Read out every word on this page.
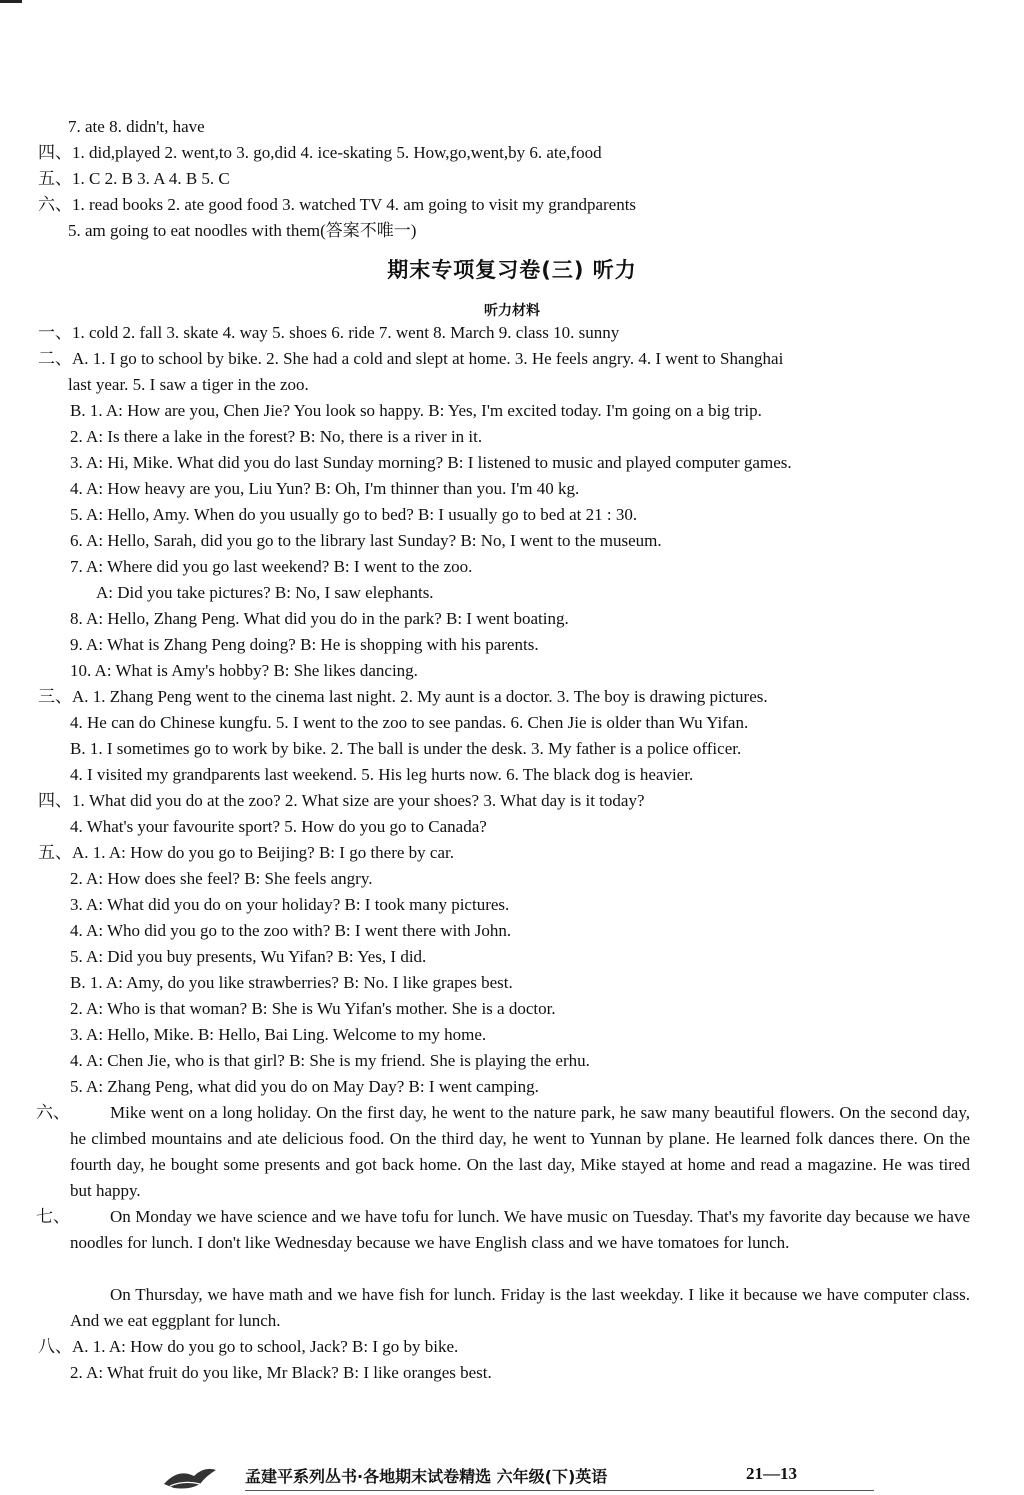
7. ate 8. didn't, have
四、1. did,played 2. went,to 3. go,did 4. ice-skating 5. How,go,went,by 6. ate,food
五、1. C 2. B 3. A 4. B 5. C
六、1. read books 2. ate good food 3. watched TV 4. am going to visit my grandparents
5. am going to eat noodles with them(答案不唯一)
期末专项复习卷(三) 听力
听力材料
一、1. cold 2. fall 3. skate 4. way 5. shoes 6. ride 7. went 8. March 9. class 10. sunny
二、A. 1. I go to school by bike. 2. She had a cold and slept at home. 3. He feels angry. 4. I went to Shanghai
last year. 5. I saw a tiger in the zoo.
B. 1. A: How are you, Chen Jie? You look so happy. B: Yes, I'm excited today. I'm going on a big trip.
2. A: Is there a lake in the forest? B: No, there is a river in it.
3. A: Hi, Mike. What did you do last Sunday morning? B: I listened to music and played computer games.
4. A: How heavy are you, Liu Yun? B: Oh, I'm thinner than you. I'm 40 kg.
5. A: Hello, Amy. When do you usually go to bed? B: I usually go to bed at 21 : 30.
6. A: Hello, Sarah, did you go to the library last Sunday? B: No, I went to the museum.
7. A: Where did you go last weekend? B: I went to the zoo.
A: Did you take pictures? B: No, I saw elephants.
8. A: Hello, Zhang Peng. What did you do in the park? B: I went boating.
9. A: What is Zhang Peng doing? B: He is shopping with his parents.
10. A: What is Amy's hobby? B: She likes dancing.
三、A. 1. Zhang Peng went to the cinema last night. 2. My aunt is a doctor. 3. The boy is drawing pictures.
4. He can do Chinese kungfu. 5. I went to the zoo to see pandas. 6. Chen Jie is older than Wu Yifan.
B. 1. I sometimes go to work by bike. 2. The ball is under the desk. 3. My father is a police officer.
4. I visited my grandparents last weekend. 5. His leg hurts now. 6. The black dog is heavier.
四、1. What did you do at the zoo? 2. What size are your shoes? 3. What day is it today?
4. What's your favourite sport? 5. How do you go to Canada?
五、A. 1. A: How do you go to Beijing? B: I go there by car.
2. A: How does she feel? B: She feels angry.
3. A: What did you do on your holiday? B: I took many pictures.
4. A: Who did you go to the zoo with? B: I went there with John.
5. A: Did you buy presents, Wu Yifan? B: Yes, I did.
B. 1. A: Amy, do you like strawberries? B: No. I like grapes best.
2. A: Who is that woman? B: She is Wu Yifan's mother. She is a doctor.
3. A: Hello, Mike. B: Hello, Bai Ling. Welcome to my home.
4. A: Chen Jie, who is that girl? B: She is my friend. She is playing the erhu.
5. A: Zhang Peng, what did you do on May Day? B: I went camping.
六、 Mike went on a long holiday. On the first day, he went to the nature park, he saw many beautiful flowers. On the second day, he climbed mountains and ate delicious food. On the third day, he went to Yunnan by plane. He learned folk dances there. On the fourth day, he bought some presents and got back home. On the last day, Mike stayed at home and read a magazine. He was tired but happy.
七、 On Monday we have science and we have tofu for lunch. We have music on Tuesday. That's my favorite day because we have noodles for lunch. I don't like Wednesday because we have English class and we have tomatoes for lunch.
On Thursday, we have math and we have fish for lunch. Friday is the last weekday. I like it because we have computer class. And we eat eggplant for lunch.
八、A. 1. A: How do you go to school, Jack? B: I go by bike.
2. A: What fruit do you like, Mr Black? B: I like oranges best.
孟建平系列丛书·各地期末试卷精选 六年级(下)英语	21—13
